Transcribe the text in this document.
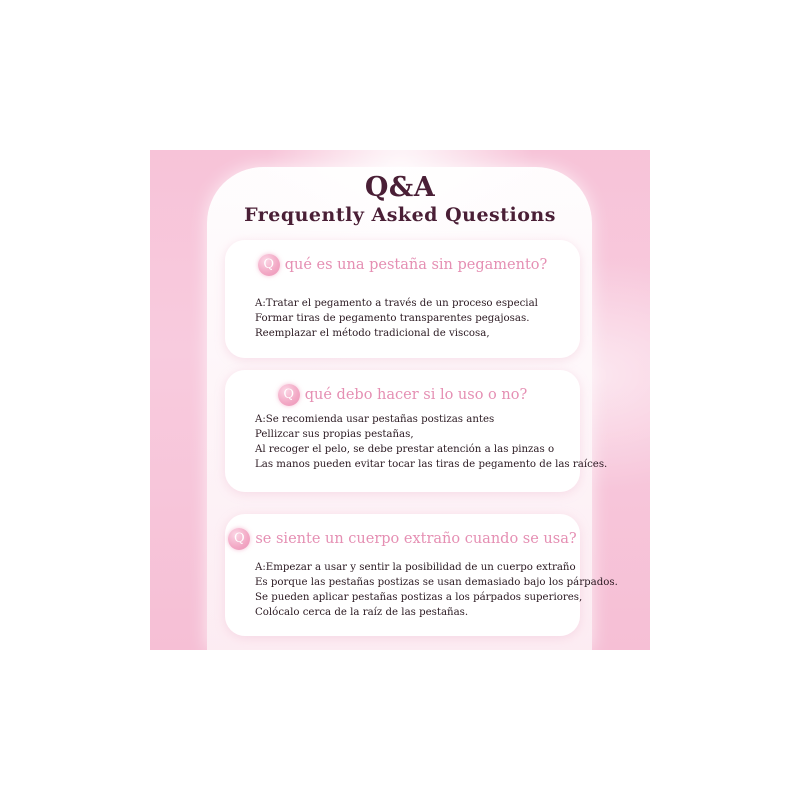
Q&A
Frequently Asked Questions
Q qué es una pestaña sin pegamento?
A:Tratar el pegamento a través de un proceso especial
Formar tiras de pegamento transparentes pegajosas.
Reemplazar el método tradicional de viscosa,
Q qué debo hacer si lo uso o no?
A:Se recomienda usar pestañas postizas antes
Pellizcar sus propias pestañas,
Al recoger el pelo, se debe prestar atención a las pinzas o
Las manos pueden evitar tocar las tiras de pegamento de las raíces.
Q se siente un cuerpo extraño cuando se usa?
A:Empezar a usar y sentir la posibilidad de un cuerpo extraño
Es porque las pestañas postizas se usan demasiado bajo los párpados.
Se pueden aplicar pestañas postizas a los párpados superiores,
Colócalo cerca de la raíz de las pestañas.
